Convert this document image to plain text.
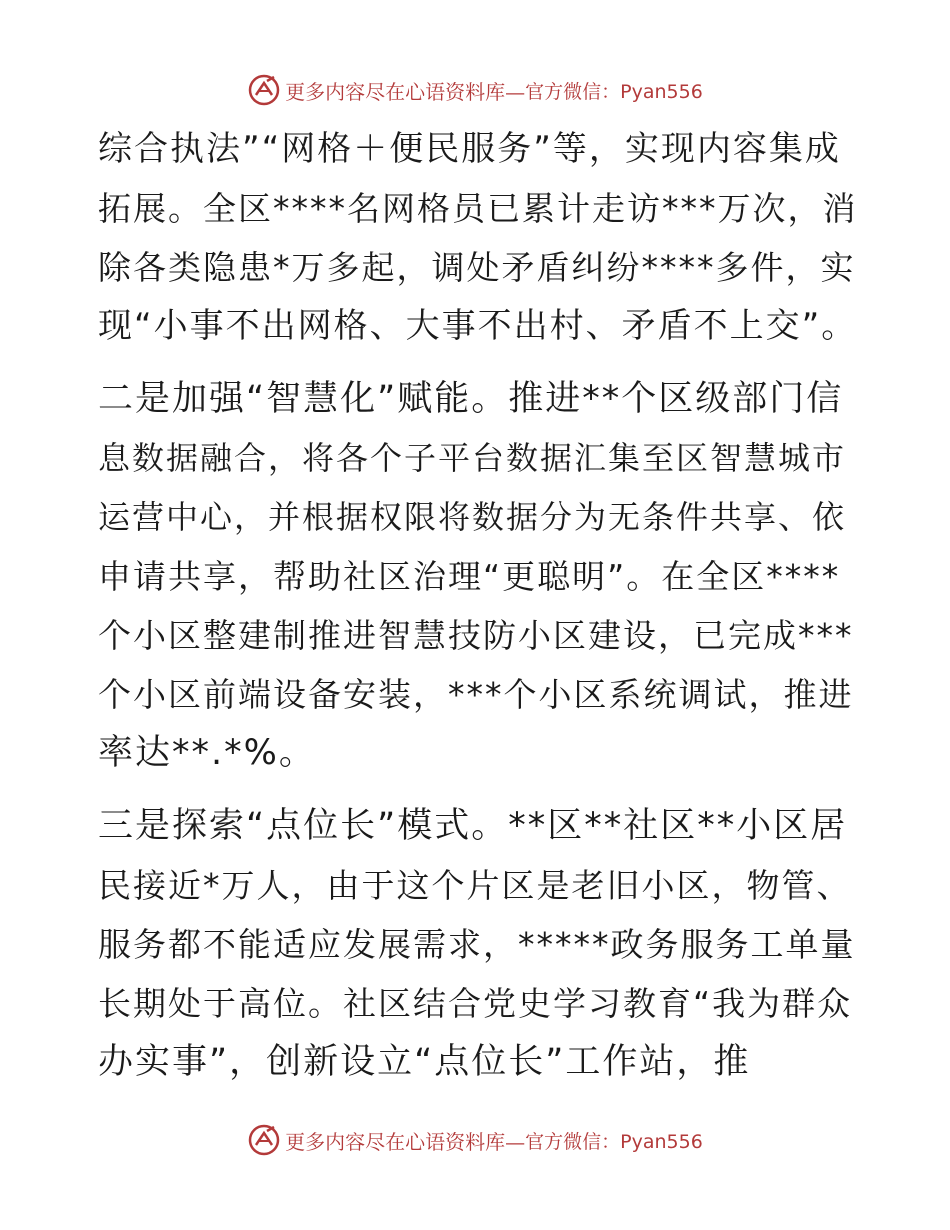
更多内容尽在心语资料库— 官方微信：Pyan556
综合执法”“网格＋便民服务”等，实现内容集成
拓展。全区****名网格员已累计走访***万次，消
除各类隐患*万多起，调处矛盾纠纷****多件，实
现“小事不出网格、大事不出村、矛盾不上交”。
二是加强“智慧化”赋能。推进**个区级部门信
息数据融合，将各个子平台数据汇集至区智慧城市
运营中心，并根据权限将数据分为无条件共享、依
申请共享，帮助社区治理“更聪明”。在全区****
个小区整建制推进智慧技防小区建设，已完成***
个小区前端设备安装，***个小区系统调试，推进
率达**.*%。
三是探索“点位长”模式。**区**社区**小区居
民接近*万人，由于这个片区是老旧小区，物管、
服务都不能适应发展需求，*****政务服务工单量
长期处于高位。社区结合党史学习教育“我为群众
办实事”，创新设立“点位长”工作站，推
更多内容尽在心语资料库— 官方微信：Pyan556
